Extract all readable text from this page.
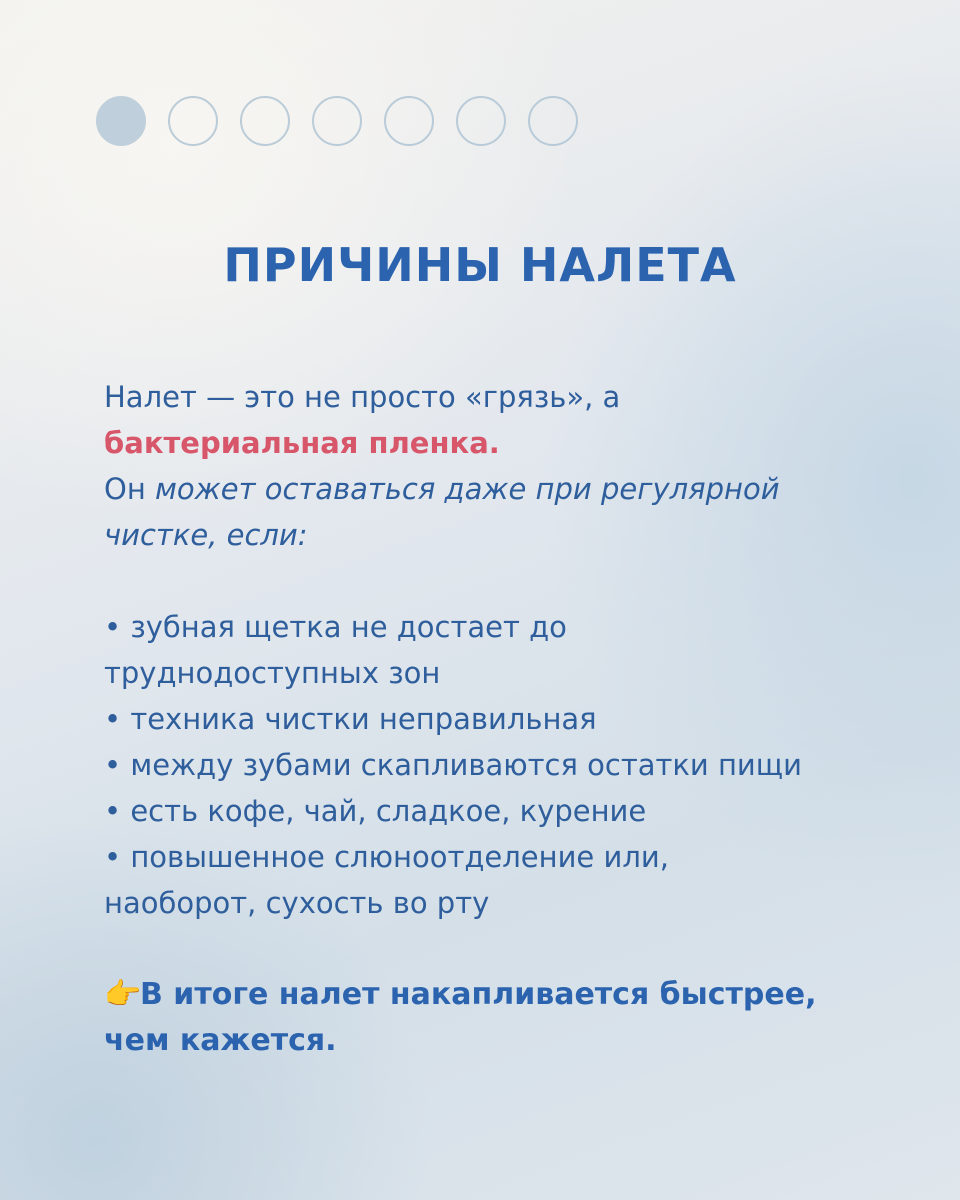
ПРИЧИНЫ НАЛЕТА
Налет — это не просто «грязь», а
бактериальная пленка.
Он может оставаться даже при регулярной
чистке, если:
• зубная щетка не достает до
труднодоступных зон
• техника чистки неправильная
• между зубами скапливаются остатки пищи
• есть кофе, чай, сладкое, курение
• повышенное слюноотделение или,
наоборот, сухость во рту
👉В итоге налет накапливается быстрее,
чем кажется.
